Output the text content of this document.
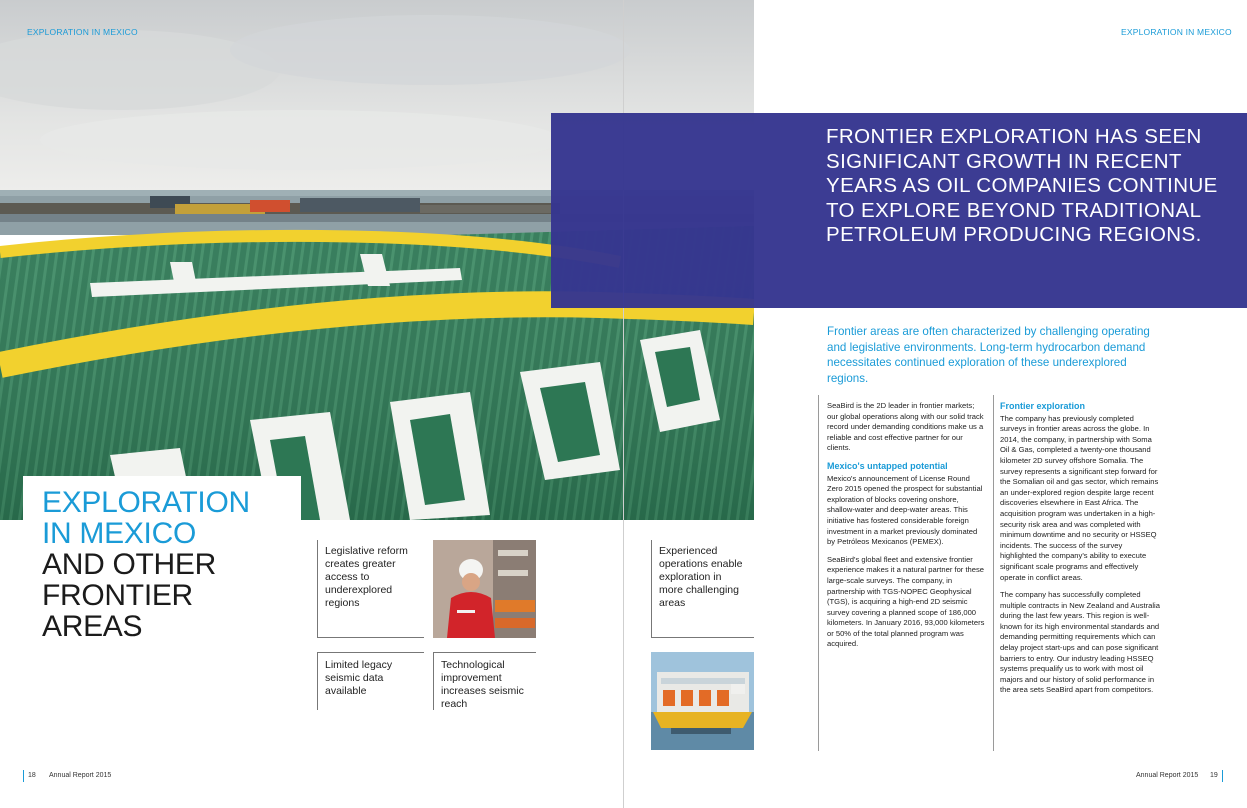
EXPLORATION IN MEXICO	EXPLORATION IN MEXICO
FRONTIER EXPLORATION HAS SEEN SIGNIFICANT GROWTH IN RECENT YEARS AS OIL COMPANIES CONTINUE TO EXPLORE BEYOND TRADITIONAL PETROLEUM PRODUCING REGIONS.
EXPLORATION
IN MEXICO
AND OTHER
FRONTIER
AREAS
Legislative reform creates greater access to underexplored regions
Limited legacy seismic data available
Technological improvement increases seismic reach
Experienced operations enable exploration in more challenging areas
Frontier areas are often characterized by challenging operating and legislative environments. Long-term hydrocarbon demand necessitates continued exploration of these underexplored regions.

SeaBird is the 2D leader in frontier markets; our global operations along with our solid track record under demanding conditions make us a reliable and cost effective partner for our clients.

Mexico's untapped potential

Mexico's announcement of License Round Zero 2015 opened the prospect for substantial exploration of blocks covering onshore, shallow-water and deep-water areas. This initiative has fostered considerable foreign investment in a market previously dominated by Petróleos Mexicanos (PEMEX).

SeaBird's global fleet and extensive frontier experience makes it a natural partner for these large-scale surveys. The company, in partnership with TGS-NOPEC Geophysical (TGS), is acquiring a high-end 2D seismic survey covering a planned scope of 186,000 kilometers. In January 2016, 93,000 kilometers or 50% of the total planned program was acquired.

Frontier exploration

The company has previously completed surveys in frontier areas across the globe. In 2014, the company, in partnership with Soma Oil & Gas, completed a twenty-one thousand kilometer 2D survey offshore Somalia. The survey represents a significant step forward for the Somalian oil and gas sector, which remains an under-explored region despite large recent discoveries elsewhere in East Africa. The acquisition program was undertaken in a high-security risk area and was completed with minimum downtime and no security or HSSEQ incidents. The success of the survey highlighted the company's ability to execute significant scale programs and effectively operate in conflict areas.

The company has successfully completed multiple contracts in New Zealand and Australia during the last few years. This region is well-known for its high environmental standards and demanding permitting requirements which can delay project start-ups and can pose significant barriers to entry. Our industry leading HSSEQ systems prequalify us to work with most oil majors and our history of solid performance in the area sets SeaBird apart from competitors.

18 Annual Report 2015	Annual Report 2015 19
